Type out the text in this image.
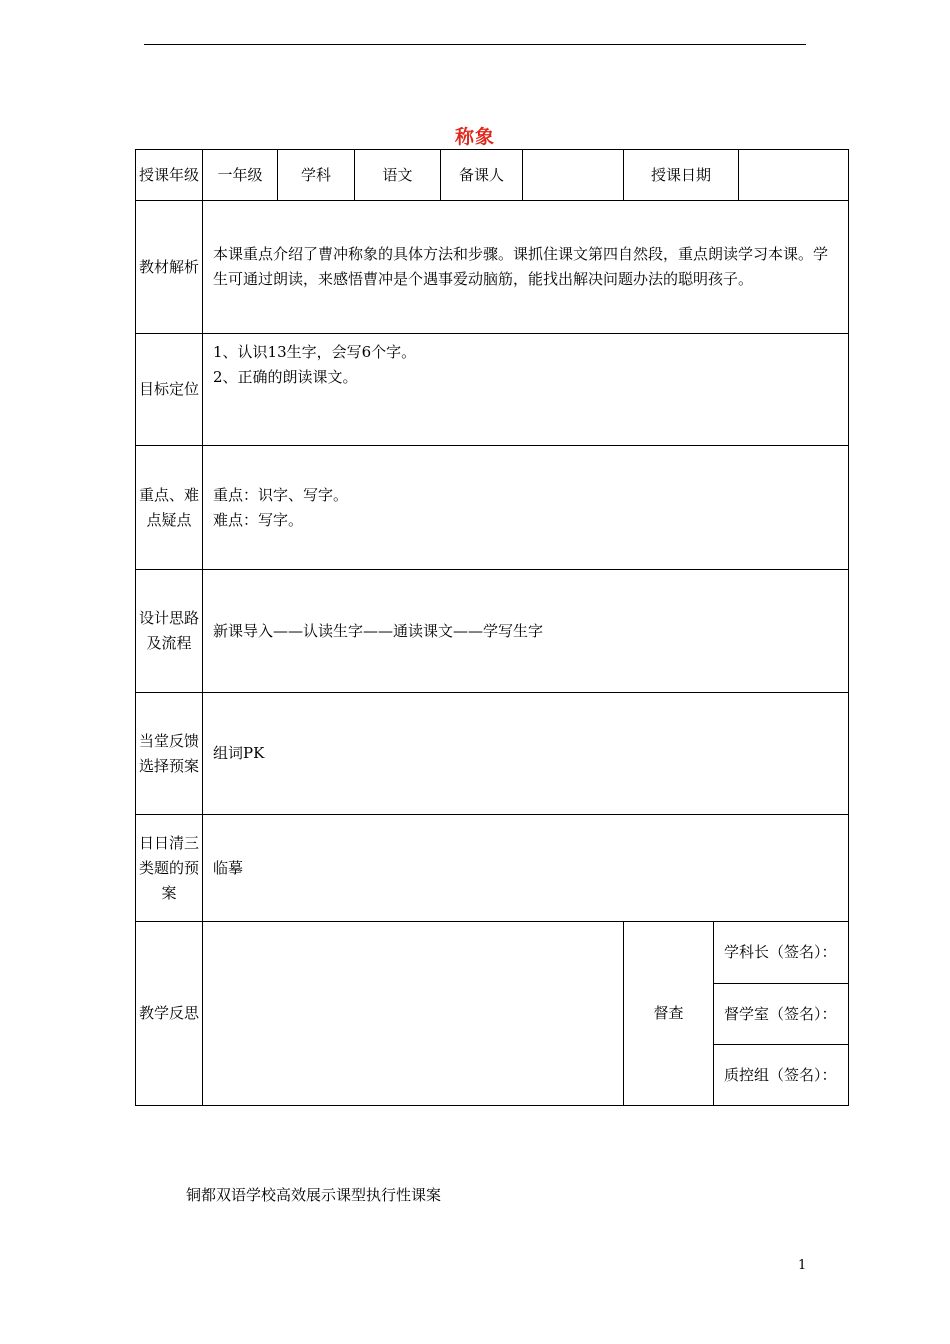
称象
授课年级	一年级	学科	语文	备课人		授课日期		
教材解析	本课重点介绍了曹冲称象的具体方法和步骤。课抓住课文第四自然段，重点朗读学习本课。学生可通过朗读，来感悟曹冲是个遇事爱动脑筋，能找出解决问题办法的聪明孩子。							
目标定位	1、认识13生字，会写6个字。

2、正确的朗读课文。							

重点、难点疑点	重点：识字、写字。

难点：写字。							

设计思路及流程	新课导入——认读生字——通读课文——学写生字							
当堂反馈选择预案	组词PK							
日日清三类题的预案	临摹							
教学反思						督查	学科长（签名）：	
							督学室（签名）：	
							质控组（签名）：	
铜都双语学校高效展示课型执行性课案
1
